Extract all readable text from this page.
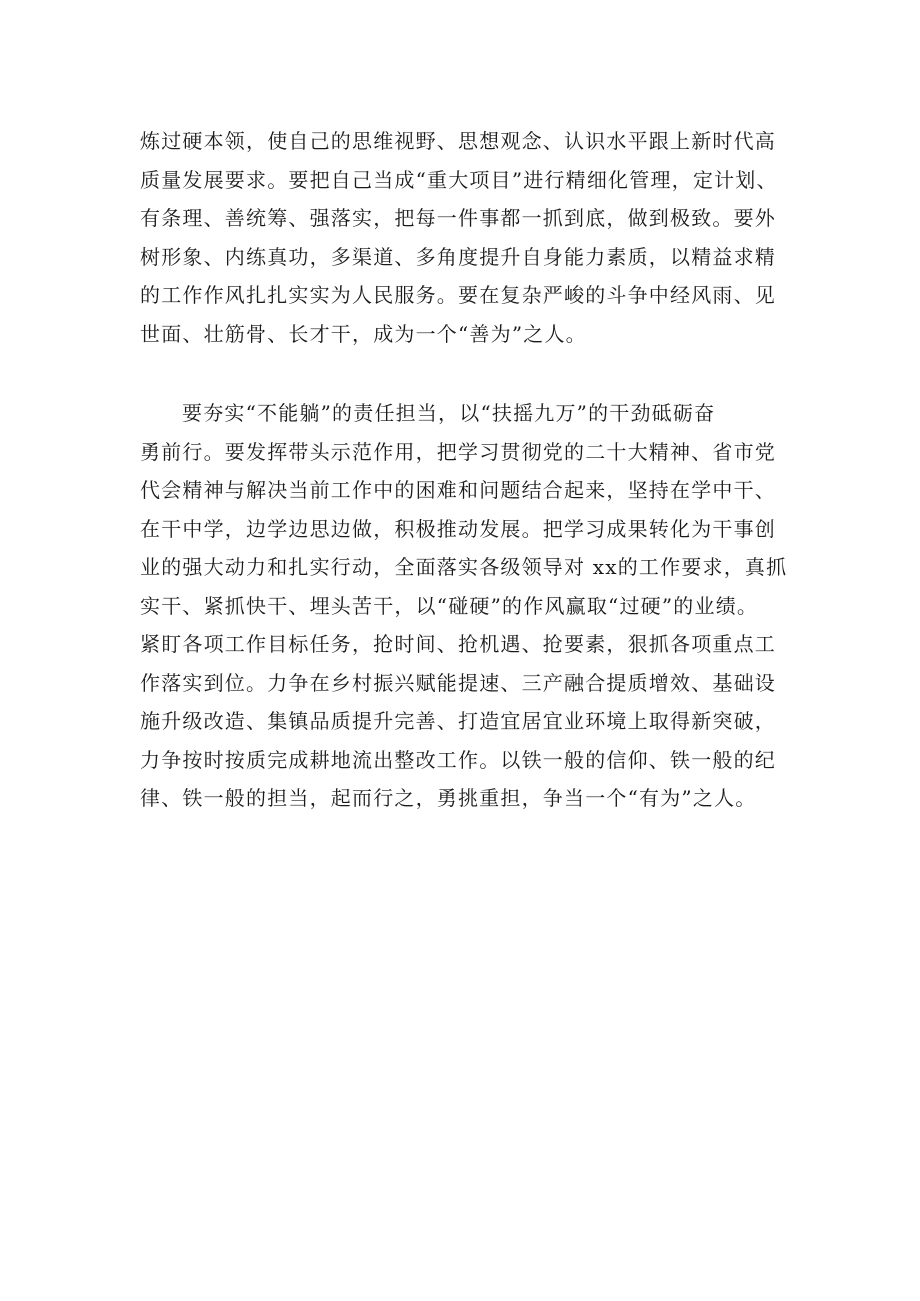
炼过硬本领，使自己的思维视野、思想观念、认识水平跟上新时代高
质量发展要求。要把自己当成“重大项目”进行精细化管理，定计划、
有条理、善统筹、强落实，把每一件事都一抓到底，做到极致。要外
树形象、内练真功，多渠道、多角度提升自身能力素质，以精益求精
的工作作风扎扎实实为人民服务。要在复杂严峻的斗争中经风雨、见
世面、壮筋骨、长才干，成为一个“善为”之人。
要夯实“不能躺”的责任担当，以“扶摇九万”的干劲砥砺奋
勇前行。要发挥带头示范作用，把学习贯彻党的二十大精神、省市党
代会精神与解决当前工作中的困难和问题结合起来，坚持在学中干、
在干中学，边学边思边做，积极推动发展。把学习成果转化为干事创
业的强大动力和扎实行动，全面落实各级领导对 xx的工作要求，真抓
实干、紧抓快干、埋头苦干，以“碰硬”的作风赢取“过硬”的业绩。
紧盯各项工作目标任务，抢时间、抢机遇、抢要素，狠抓各项重点工
作落实到位。力争在乡村振兴赋能提速、三产融合提质增效、基础设
施升级改造、集镇品质提升完善、打造宜居宜业环境上取得新突破，
力争按时按质完成耕地流出整改工作。以铁一般的信仰、铁一般的纪
律、铁一般的担当，起而行之，勇挑重担，争当一个“有为”之人。
